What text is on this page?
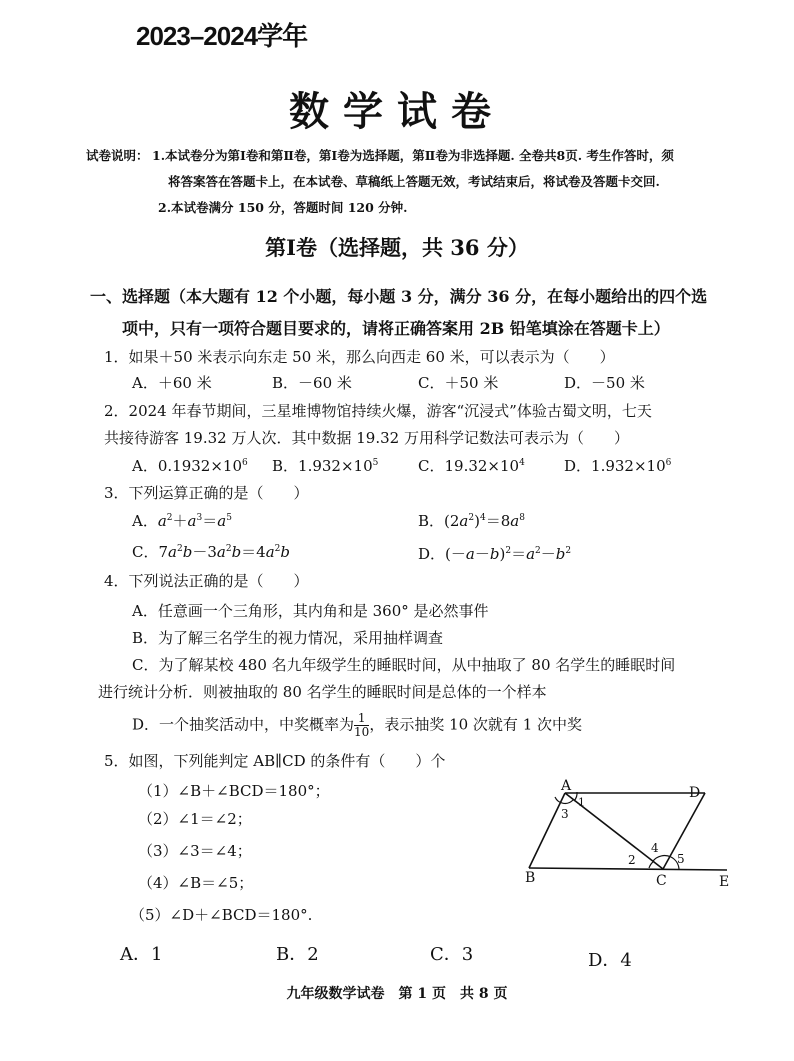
2023–2024学年
数学试卷
试卷说明： 1.本试卷分为第Ⅰ卷和第Ⅱ卷，第Ⅰ卷为选择题，第Ⅱ卷为非选择题. 全卷共8页. 考生作答时，须
将答案答在答题卡上，在本试卷、草稿纸上答题无效，考试结束后，将试卷及答题卡交回.
2.本试卷满分 150 分，答题时间 120 分钟.
第Ⅰ卷（选择题，共 36 分）
一、选择题（本大题有 12 个小题，每小题 3 分，满分 36 分，在每小题给出的四个选
项中，只有一项符合题目要求的，请将正确答案用 2B 铅笔填涂在答题卡上）
1．如果＋50 米表示向东走 50 米，那么向西走 60 米，可以表示为（　　）
A．＋60 米	B．－60 米	C．＋50 米	D．－50 米
2．2024 年春节期间，三星堆博物馆持续火爆，游客“沉浸式”体验古蜀文明，七天
共接待游客 19.32 万人次．其中数据 19.32 万用科学记数法可表示为（　　）
A．$0.1932\times 10^6$ B．$1.932\times 10^5$	C．$19.32\times 10^4$	D．$1.932\times 10^6$
3．下列运算正确的是（　　）
A．$a^2+a^3=a^5$	B．$(2a^2)^4=8a^8$
C．$7a^2b-3a^2b=4a^2b$	D．$(-a-b)^2=a^2-b^2$
4．下列说法正确的是（　　）
A．任意画一个三角形，其内角和是 360° 是必然事件
B．为了解三名学生的视力情况，采用抽样调查
C．为了解某校 480 名九年级学生的睡眠时间，从中抽取了 80 名学生的睡眠时间
进行统计分析．则被抽取的 80 名学生的睡眠时间是总体的一个样本
D．一个抽奖活动中，中奖概率为 $\frac{1}{10}$ ，表示抽奖 10 次就有 1 次中奖
5．如图，下列能判定 AB∥CD 的条件有（　　）个
（1）∠B＋∠BCD＝180°；
（2）∠1＝∠2；
（3）∠3＝∠4；
（4）∠B＝∠5；
（5）∠D＋∠BCD＝180°.
A．1	B．2	C．3	D．4
A	D
B	C	E
1
3
2
4
5
九年级数学试卷　第 1 页　共 8 页
